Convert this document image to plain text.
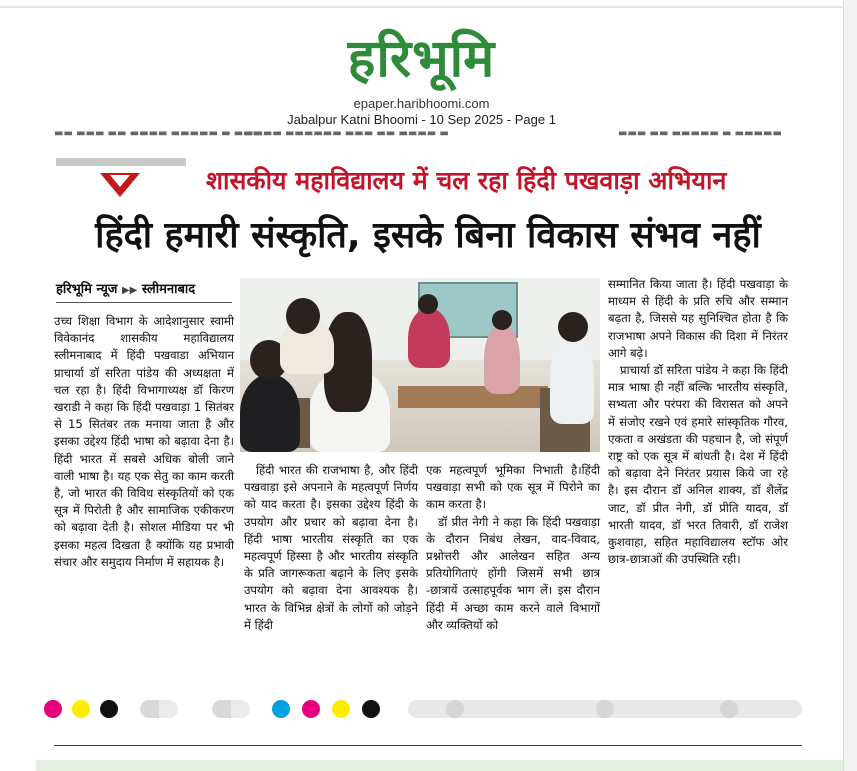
हरिभूमि
epaper.haribhoomi.com
Jabalpur Katni Bhoomi - 10 Sep 2025 - Page 1
▬▬ ▬▬▬ ▬▬ ▬▬▬▬ ▬▬▬▬▬ ▬ ▬▬▬
▬▬▬▬ ▬▬▬▬▬▬ ▬▬▬ ▬▬ ▬▬▬▬ ▬	▬▬▬ ▬▬ ▬▬▬▬▬ ▬ ▬▬▬▬▬
शासकीय महाविद्यालय में चल रहा हिंदी पखवाड़ा अभियान
हिंदी हमारी संस्कृति, इसके बिना विकास संभव नहीं
हरिभूमि न्यूज ▶▶ स्लीमनाबाद

उच्च शिक्षा विभाग के आदेशानुसार स्वामी विवेकानंद शासकीय महाविद्यालय स्लीमनाबाद में हिंदी पखवाडा अभियान प्राचार्या डॉ सरिता पांडेय की अध्यक्षता में चल रहा है। हिंदी विभागाध्यक्ष डॉ किरण खराडी ने कहा कि हिंदी पखवाड़ा 1 सितंबर से 15 सितंबर तक मनाया जाता है और इसका उद्देश्य हिंदी भाषा को बढ़ावा देना है। हिंदी भारत में सबसे अधिक बोली जाने वाली भाषा है। यह एक सेतु का काम करती है, जो भारत की विविध संस्कृतियों को एक सूत्र में पिरोती है और सामाजिक एकीकरण को बढ़ावा देती है। सोशल मीडिया पर भी इसका महत्व दिखता है क्योंकि यह प्रभावी संचार और समुदाय निर्माण में सहायक है।

हिंदी भारत की राजभाषा है, और हिंदी पखवाड़ा इसे अपनाने के महत्वपूर्ण निर्णय को याद करता है। इसका उद्देश्य हिंदी के उपयोग और प्रचार को बढ़ावा देना है। हिंदी भाषा भारतीय संस्कृति का एक महत्वपूर्ण हिस्सा है और भारतीय संस्कृति के प्रति जागरूकता बढ़ाने के लिए इसके उपयोग को बढ़ावा देना आवश्यक है। भारत के विभिन्न क्षेत्रों के लोगों को जोड़ने में हिंदी

एक महत्वपूर्ण भूमिका निभाती है।हिंदी पखवाड़ा सभी को एक सूत्र में पिरोने का काम करता है।

डॉ प्रीत नेगी ने कहा कि हिंदी पखवाड़ा के दौरान निबंध लेखन, वाद-विवाद, प्रश्नोत्तरी और आलेखन सहित अन्य प्रतियोगिताएं होंगी जिसमें सभी छात्र -छात्रायें उत्साहपूर्वक भाग लें। इस दौरान हिंदी में अच्छा काम करने वाले विभागों और व्यक्तियों को

सम्मानित किया जाता है। हिंदी पखवाड़ा के माध्यम से हिंदी के प्रति रुचि और सम्मान बढ़ता है, जिससे यह सुनिश्चित होता है कि राजभाषा अपने विकास की दिशा में निरंतर आगे बढ़े।

प्राचार्या डॉ सरिता पांडेय ने कहा कि हिंदी मात्र भाषा ही नहीं बल्कि भारतीय संस्कृति, सभ्यता और परंपरा की विरासत को अपने में संजोए रखने एवं हमारे सांस्कृतिक गौरव, एकता व अखंडता की पहचान है, जो संपूर्ण राष्ट्र को एक सूत्र में बांधती है। देश में हिंदी को बढ़ावा देने निरंतर प्रयास किये जा रहे है। इस दौरान डॉ अनिल शाक्य, डॉ शैलेंद्र जाट, डॉ प्रीत नेगी, डॉ प्रीति यादव, डॉ भारती यादव, डॉ भरत तिवारी, डॉ राजेश कुशवाहा, सहित महाविद्यालय स्टॉफ ओर छात्र-छात्राओं की उपस्थिति रही।
